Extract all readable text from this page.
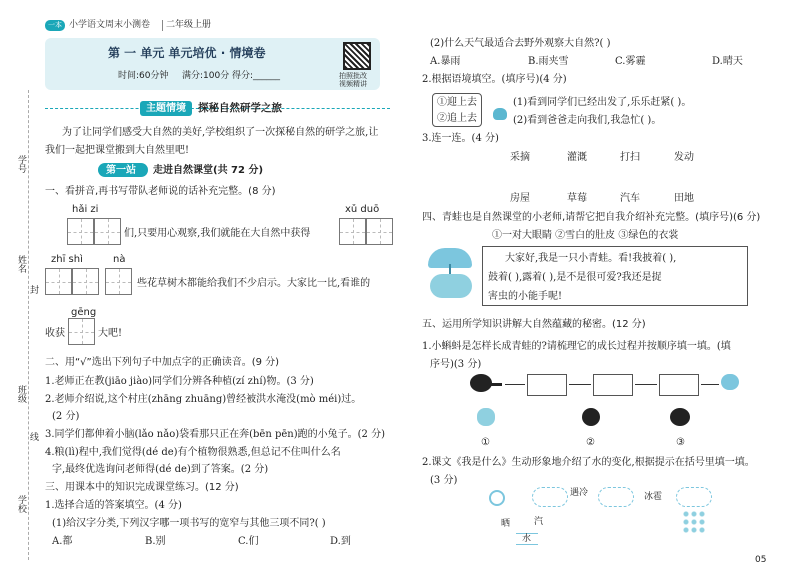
一本 小学语文周末小测卷 二年级上册
第 一 单元 单元培优 · 情境卷
时间:60分钟 满分:100分 得分:______	拍照批改
视频精讲
学号
姓名
封
班级
线
学校
主题情境	探秘自然研学之旅
为了让同学们感受大自然的美好,学校组织了一次探秘自然的研学之旅,让
我们一起把课堂搬到大自然里吧!
第一站 走进自然课堂(共 72 分)
一、看拼音,再书写带队老师说的话补充完整。(8 分)
hǎi zi
们,只要用心观察,我们就能在大自然中获得
xǔ duō
zhī shì	nà
些花草树木都能给我们不少启示。大家比一比,看谁的
gēng
收获	大吧!
二、用“√”选出下列句子中加点字的正确读音。(9 分)
1.老师正在教(jiāo jiào)同学们分辨各种植(zí zhí)物。(3 分)
2.老师介绍说,这个村庄(zhāng zhuāng)曾经被洪水淹没(mò méi)过。
(2 分)
3.同学们都伸着小脑(lǎo nǎo)袋看那只正在奔(bēn pēn)跑的小兔子。(2 分)
4.粮(lì)程中,我们觉得(dé de)有个植物很熟悉,但总记不住叫什么名
字,最终优选询问老师得(dé de)到了答案。(2 分)
三、用课本中的知识完成课堂练习。(12 分)
1.选择合适的答案填空。(4 分)
(1)给汉字分类,下列汉字哪一项书写的宽窄与其他三项不同?( )
A.都	B.别	C.们	D.到
(2)什么天气最适合去野外观察大自然?( )
A.暴雨	B.雨夹雪	C.雾霾	D.晴天
2.根据语境填空。(填序号)(4 分)
①迎上去
②追上去
(1)看到同学们已经出发了,乐乐赶紧( )。
(2)看到爸爸走向我们,我急忙( )。
3.连一连。(4 分)
采摘	灌溉	打扫	发动
房屋	草莓	汽车	田地
四、青蛙也是自然课堂的小老师,请帮它把自我介绍补充完整。(填序号)(6 分)
①一对大眼睛 ②雪白的肚皮 ③绿色的衣裳
大家好,我是一只小青蛙。看!我披着( ),
鼓着( ),露着( ),是不是很可爱?我还是捉
害虫的小能手呢!
五、运用所学知识讲解大自然蕴藏的秘密。(12 分)
1.小蝌蚪是怎样长成青蛙的?请梳理它的成长过程并按顺序填一填。(填
序号)(3 分)
①	②	③
2.课文《我是什么》生动形象地介绍了水的变化,根据提示在括号里填一填。
(3 分)
遇冷	冰雹
晒	汽
水
05
